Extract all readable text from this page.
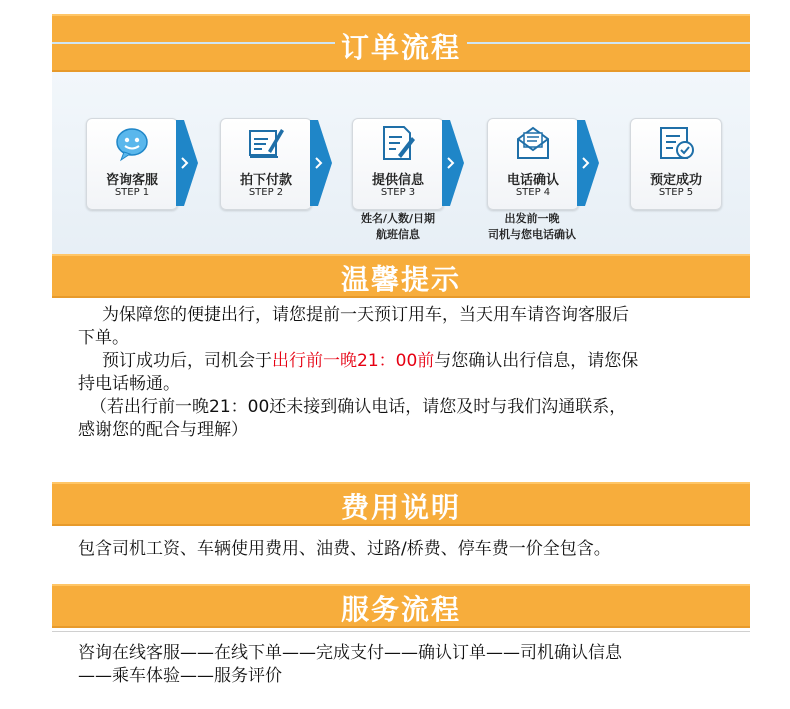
订单流程
咨询客服
STEP 1
拍下付款
STEP 2
提供信息
STEP 3
电话确认
STEP 4
预定成功
STEP 5
姓名/人数/日期
航班信息
出发前一晚
司机与您电话确认
温馨提示

为保障您的便捷出行，请您提前一天预订用车，当天用车请咨询客服后

下单。

预订成功后，司机会于出行前一晚21：00前与您确认出行信息，请您保

持电话畅通。

（若出行前一晚21：00还未接到确认电话，请您及时与我们沟通联系，

感谢您的配合与理解）

费用说明
包含司机工资、车辆使用费用、油费、过路/桥费、停车费一价全包含。
服务流程

咨询在线客服——在线下单——完成支付——确认订单——司机确认信息

——乘车体验——服务评价
